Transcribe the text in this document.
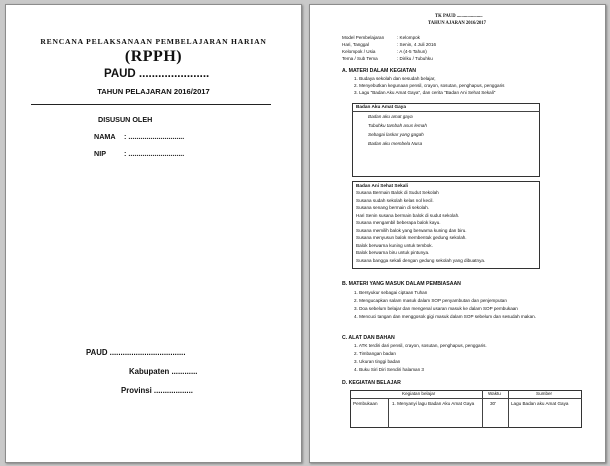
RENCANA PELAKSANAAN PEMBELAJARAN HARIAN
(RPPH)
PAUD ......................
TAHUN PELAJARAN 2016/2017
DISUSUN OLEH
NAMA : ............................
NIP	: ............................
PAUD ...................................
Kabupaten ............
Provinsi ..................
TK PAUD ......................
TAHUN AJARAN 2016/2017
Model Pembelajaran	: Kelompok
Hari, Tanggal	: Senin, 4 Juli 2016
Kelompok / Usia	: A (4-5 Tahun)
Tema / Sub Tema	: Diriku / Tubuhku
A. MATERI DALAM KEGIATAN
1. Budaya sekolah dan sesudah belajar,
2. Menyebutkan kegunaan pensil, crayon, sosutan, penghapus, penggaris
3. Lagu "Badan Aku Amat Gaya", dan cerita "Badan Ani Sehat Sekali"
Badan Aku Amat Gaya
Badan aku amat gaya
Tubuhku tambah asus lemah
Sebagai laskar yang gagah
Badan aku membela Nusa
Badan Ani Sehat Sekali
Susana Bermain Balok di Sudut Sekolah
Susana sudah sekolah kelas nol kecil.
Susana senang bermain di sekolah.
Hari Senin susana bermain balok di sudut sekolah.
Susana mengambil beberapa balok kayu.
Susana memilih balok yang berwarna kuning dan biru.
Susana menyusun balok membentuk gedung sekolah.
Balok berwarna kuning untuk tembok.
Balok berwarna biru untuk pintunya.
Susana bangga sekali dengan gedung sekolah yang dibuatnya.
B. MATERI YANG MASUK DALAM PEMBIASAAN
1. Bersyukur sebagai ciptaan Tuhan
2. Mengucapkan salam masuk dalam SOP penyambutan dan penjemputan
3. Doa sebelum belajar dan mengenal usaran masuk ke dalam SOP pembukaan
4. Mencuci tangan dan menggosok gigi masuk dalam SOP sebelum dan sesudah makan.
C. ALAT DAN BAHAN
1. ATK terdiri dari pensil, crayon, sosutan, penghapus, penggaris.
2. Timbangan badan
3. Ukuran tinggi badan
4. Buku Siri Diri Sendiri halaman 3
D. KEGIATAN BELAJAR
Kegiatan belajar	Waktu	Sumber
Pembukaan	1. Menyanyi lagu Badan Aku Amat Gaya	30'	Lagu Badan aku Amat Gaya
